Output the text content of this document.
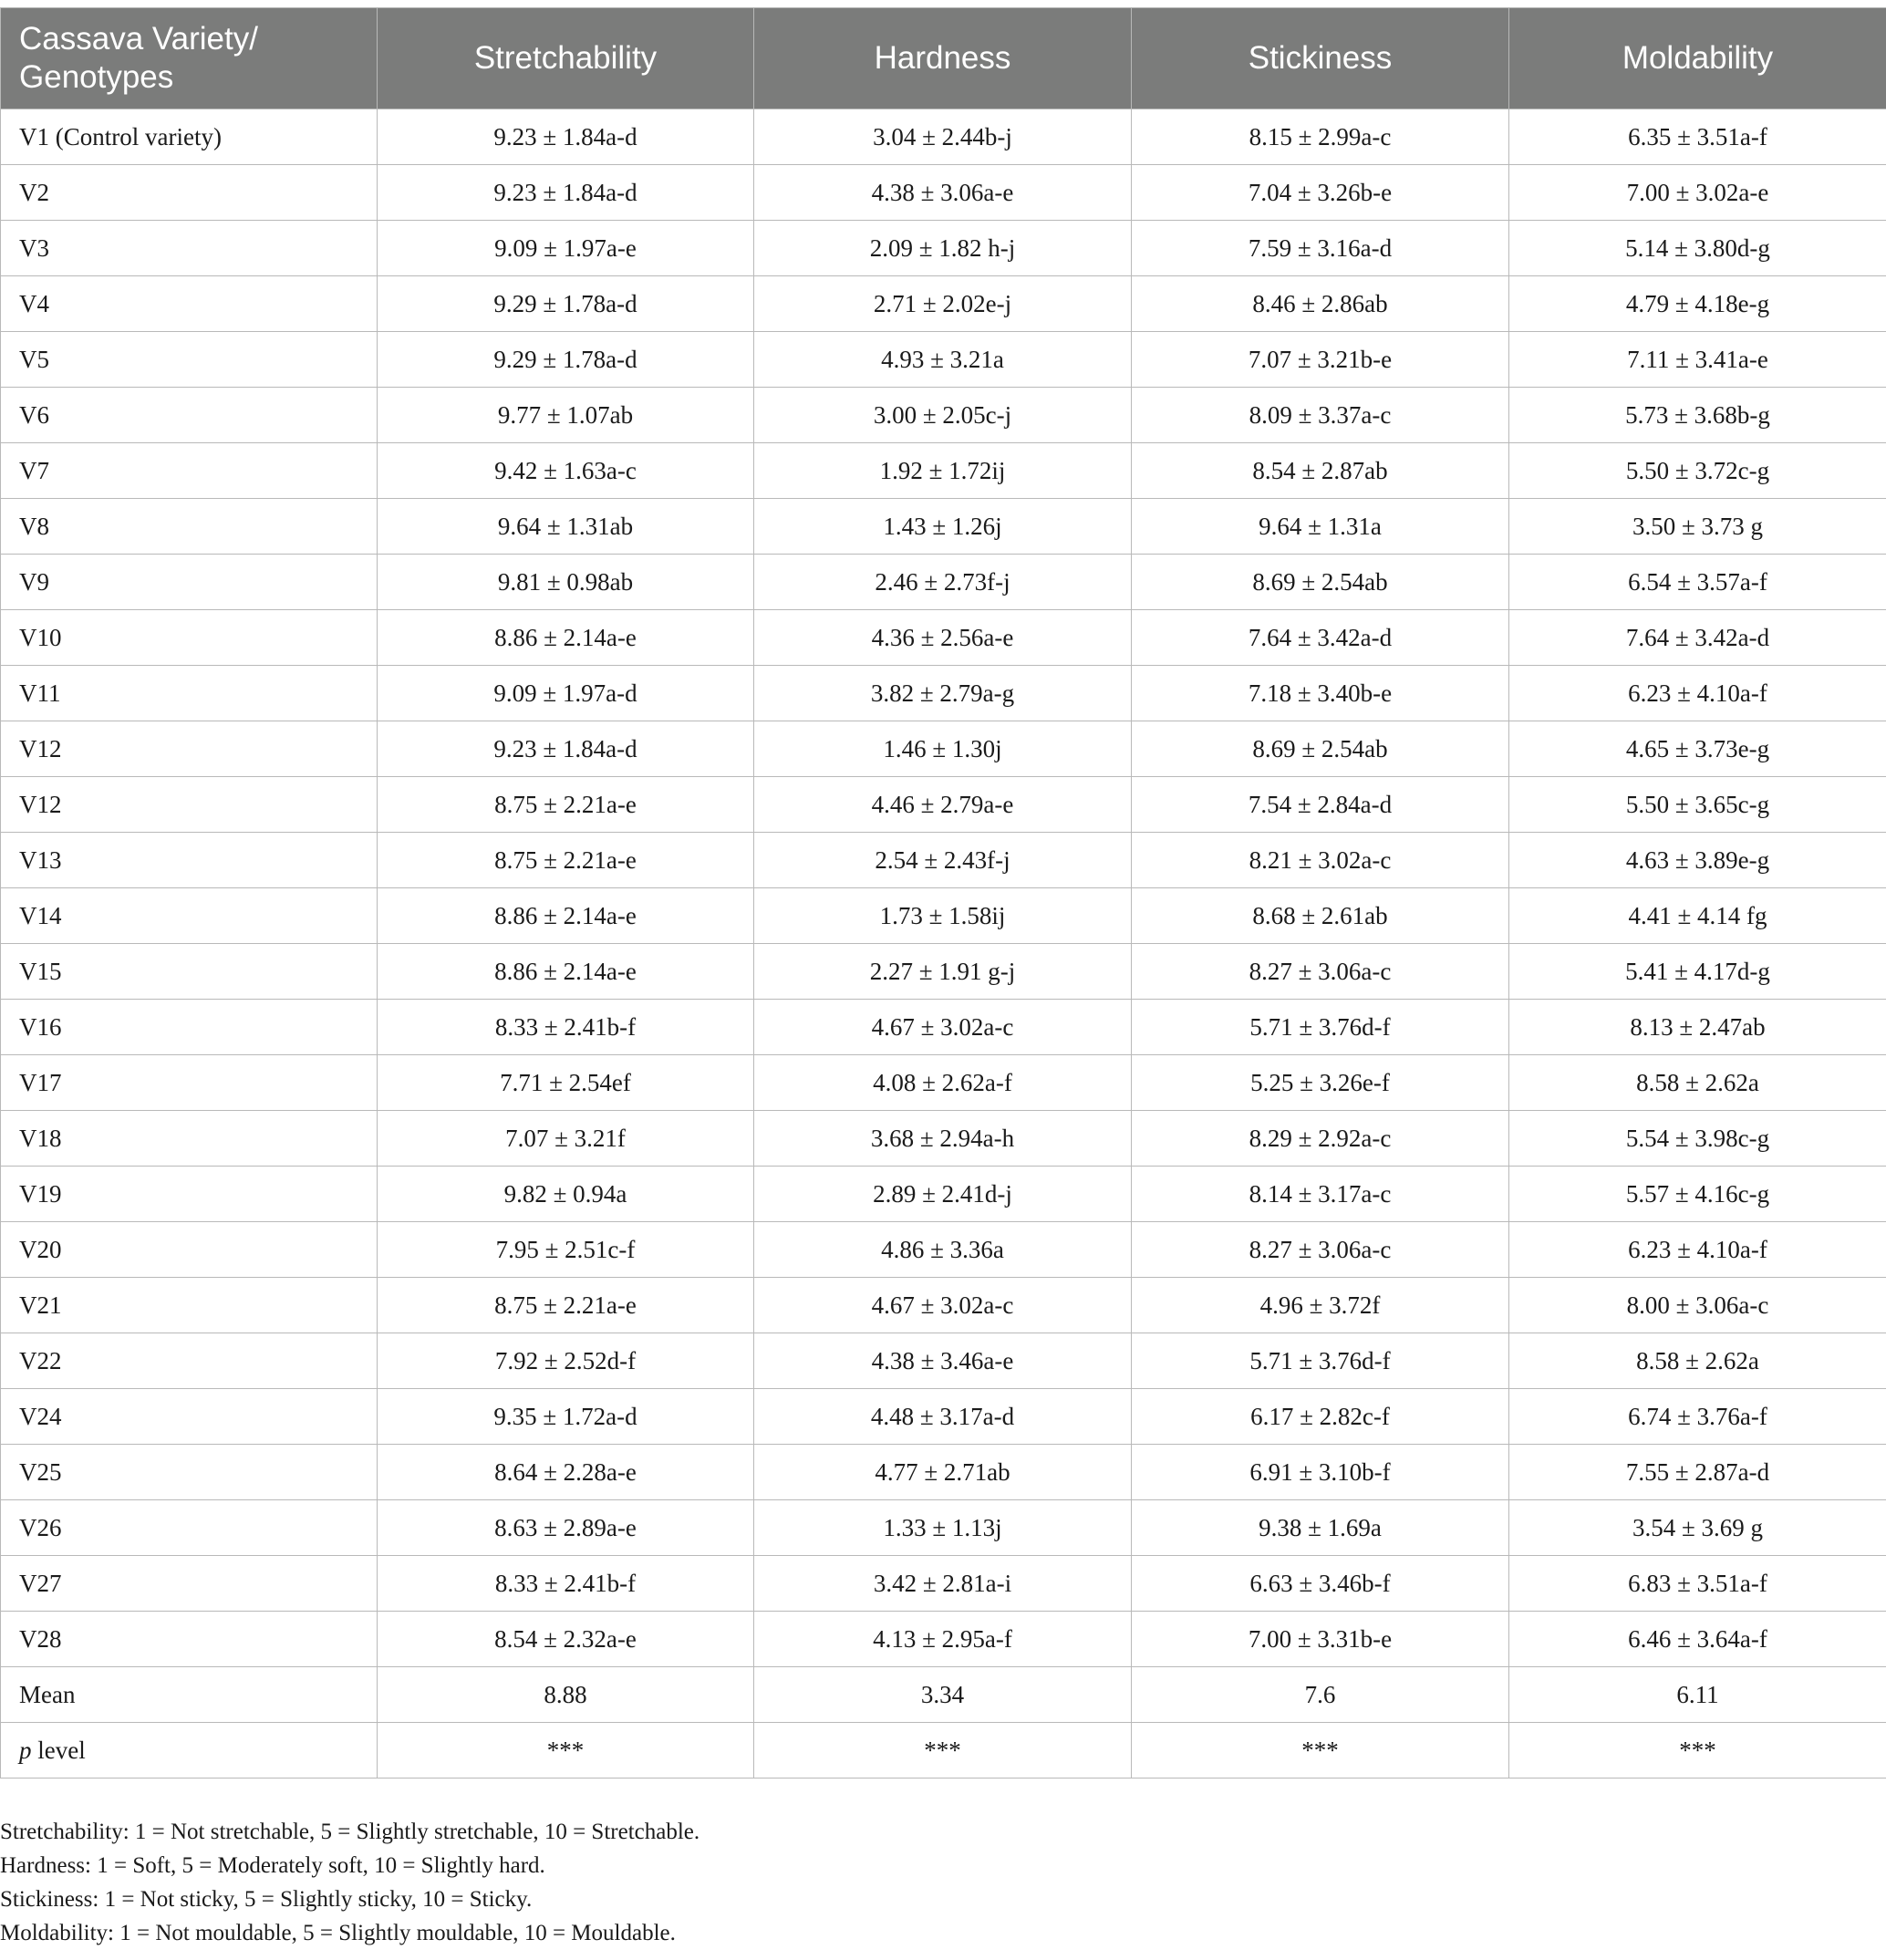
Cassava Variety/
Genotypes	Stretchability	Hardness	Stickiness	Moldability
V1 (Control variety)	9.23 ± 1.84a-d	3.04 ± 2.44b-j	8.15 ± 2.99a-c	6.35 ± 3.51a-f
V2	9.23 ± 1.84a-d	4.38 ± 3.06a-e	7.04 ± 3.26b-e	7.00 ± 3.02a-e
V3	9.09 ± 1.97a-e	2.09 ± 1.82 h-j	7.59 ± 3.16a-d	5.14 ± 3.80d-g
V4	9.29 ± 1.78a-d	2.71 ± 2.02e-j	8.46 ± 2.86ab	4.79 ± 4.18e-g
V5	9.29 ± 1.78a-d	4.93 ± 3.21a	7.07 ± 3.21b-e	7.11 ± 3.41a-e
V6	9.77 ± 1.07ab	3.00 ± 2.05c-j	8.09 ± 3.37a-c	5.73 ± 3.68b-g
V7	9.42 ± 1.63a-c	1.92 ± 1.72ij	8.54 ± 2.87ab	5.50 ± 3.72c-g
V8	9.64 ± 1.31ab	1.43 ± 1.26j	9.64 ± 1.31a	3.50 ± 3.73 g
V9	9.81 ± 0.98ab	2.46 ± 2.73f-j	8.69 ± 2.54ab	6.54 ± 3.57a-f
V10	8.86 ± 2.14a-e	4.36 ± 2.56a-e	7.64 ± 3.42a-d	7.64 ± 3.42a-d
V11	9.09 ± 1.97a-d	3.82 ± 2.79a-g	7.18 ± 3.40b-e	6.23 ± 4.10a-f
V12	9.23 ± 1.84a-d	1.46 ± 1.30j	8.69 ± 2.54ab	4.65 ± 3.73e-g
V12	8.75 ± 2.21a-e	4.46 ± 2.79a-e	7.54 ± 2.84a-d	5.50 ± 3.65c-g
V13	8.75 ± 2.21a-e	2.54 ± 2.43f-j	8.21 ± 3.02a-c	4.63 ± 3.89e-g
V14	8.86 ± 2.14a-e	1.73 ± 1.58ij	8.68 ± 2.61ab	4.41 ± 4.14 fg
V15	8.86 ± 2.14a-e	2.27 ± 1.91 g-j	8.27 ± 3.06a-c	5.41 ± 4.17d-g
V16	8.33 ± 2.41b-f	4.67 ± 3.02a-c	5.71 ± 3.76d-f	8.13 ± 2.47ab
V17	7.71 ± 2.54ef	4.08 ± 2.62a-f	5.25 ± 3.26e-f	8.58 ± 2.62a
V18	7.07 ± 3.21f	3.68 ± 2.94a-h	8.29 ± 2.92a-c	5.54 ± 3.98c-g
V19	9.82 ± 0.94a	2.89 ± 2.41d-j	8.14 ± 3.17a-c	5.57 ± 4.16c-g
V20	7.95 ± 2.51c-f	4.86 ± 3.36a	8.27 ± 3.06a-c	6.23 ± 4.10a-f
V21	8.75 ± 2.21a-e	4.67 ± 3.02a-c	4.96 ± 3.72f	8.00 ± 3.06a-c
V22	7.92 ± 2.52d-f	4.38 ± 3.46a-e	5.71 ± 3.76d-f	8.58 ± 2.62a
V24	9.35 ± 1.72a-d	4.48 ± 3.17a-d	6.17 ± 2.82c-f	6.74 ± 3.76a-f
V25	8.64 ± 2.28a-e	4.77 ± 2.71ab	6.91 ± 3.10b-f	7.55 ± 2.87a-d
V26	8.63 ± 2.89a-e	1.33 ± 1.13j	9.38 ± 1.69a	3.54 ± 3.69 g
V27	8.33 ± 2.41b-f	3.42 ± 2.81a-i	6.63 ± 3.46b-f	6.83 ± 3.51a-f
V28	8.54 ± 2.32a-e	4.13 ± 2.95a-f	7.00 ± 3.31b-e	6.46 ± 3.64a-f
Mean	8.88	3.34	7.6	6.11
p level	***	***	***	***
Stretchability: 1 = Not stretchable, 5 = Slightly stretchable, 10 = Stretchable.
Hardness: 1 = Soft, 5 = Moderately soft, 10 = Slightly hard.
Stickiness: 1 = Not sticky, 5 = Slightly sticky, 10 = Sticky.
Moldability: 1 = Not mouldable, 5 = Slightly mouldable, 10 = Mouldable.
